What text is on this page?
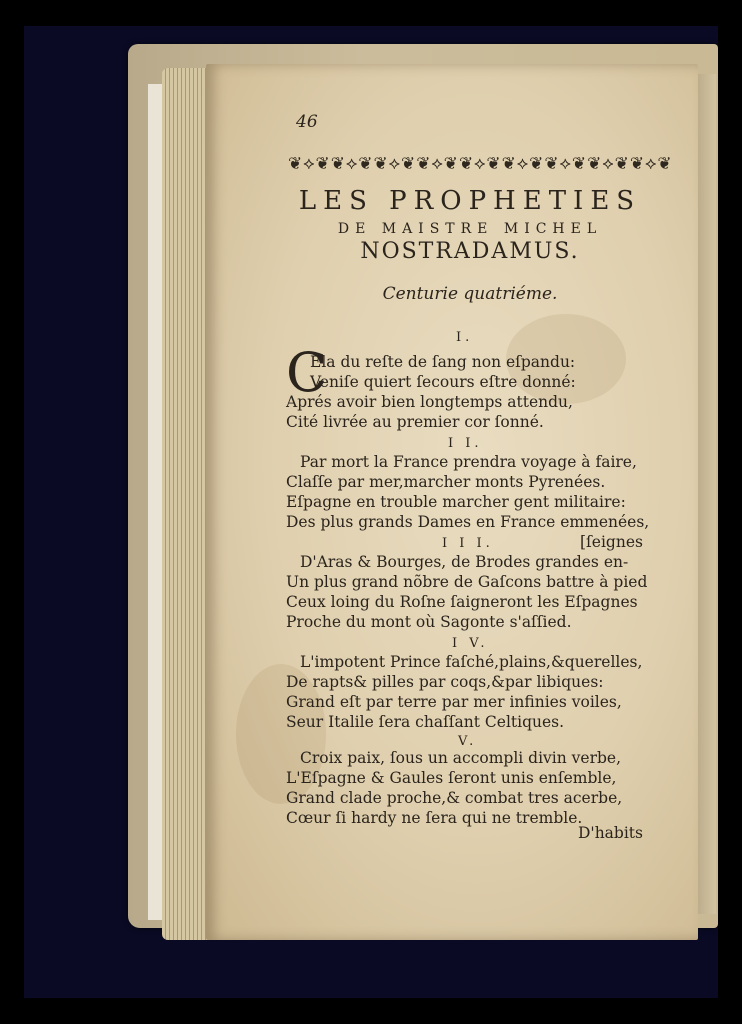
46
❦⟡❦ ❦⟡❦ ❦⟡❦ ❦⟡❦ ❦⟡❦ ❦⟡❦ ❦⟡❦ ❦⟡❦ ❦⟡❦
LES PROPHETIES
DE MAISTRE MICHEL
NOSTRADAMUS.
Centurie quatriéme.
I.
C
Ela du reſte de ſang non eſpandu:
Veniſe quiert ſecours eſtre donné:
Aprés avoir bien longtemps attendu,
Cité livrée au premier cor ſonné.
I I.
Par mort la France prendra voyage à faire,
Claſſe par mer,marcher monts Pyrenées.
Eſpagne en trouble marcher gent militaire:
Des plus grands Dames en France emmenées,
I I I.	[ſeignes
D'Aras & Bourges, de Brodes grandes en-
Un plus grand nõbre de Gaſcons battre à pied
Ceux loing du Roſne ſaigneront les Eſpagnes
Proche du mont où Sagonte s'aſſied.
I V.
L'impotent Prince faſché,plains,&querelles,
De rapts& pilles par coqs,&par libiques:
Grand eſt par terre par mer infinies voiles,
Seur Italile ſera chaſſant Celtiques.
V.
Croix paix, ſous un accompli divin verbe,
L'Eſpagne & Gaules ſeront unis enſemble,
Grand clade proche,& combat tres acerbe,
Cœur ſi hardy ne ſera qui ne tremble.
D'habits
